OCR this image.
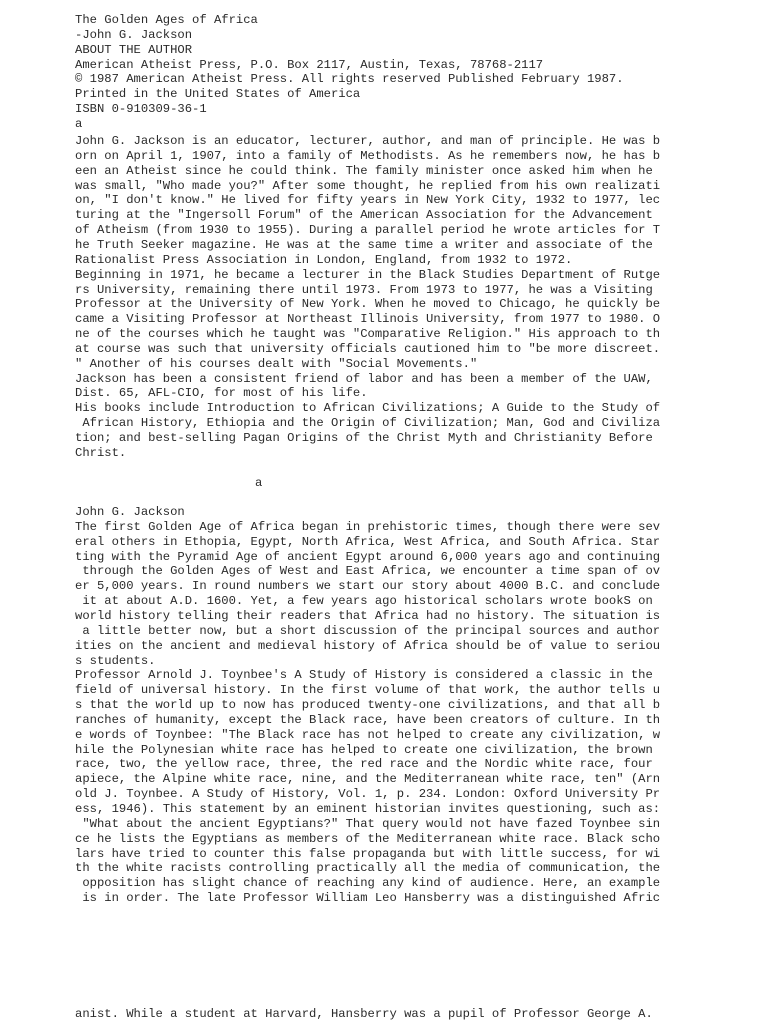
The Golden Ages of Africa
-John G. Jackson
ABOUT THE AUTHOR
American Atheist Press, P.O. Box 2117, Austin, Texas, 78768-2117
© 1987 American Atheist Press. All rights reserved Published February 1987.
Printed in the United States of America
ISBN 0-910309-36-1
a
John G. Jackson is an educator, lecturer, author, and man of principle. He was b
orn on April 1, 1907, into a family of Methodists. As he remembers now, he has b
een an Atheist since he could think. The family minister once asked him when he
was small, "Who made you?" After some thought, he replied from his own realizati
on, "I don't know." He lived for fifty years in New York City, 1932 to 1977, lec
turing at the "Ingersoll Forum" of the American Association for the Advancement
of Atheism (from 1930 to 1955). During a parallel period he wrote articles for T
he Truth Seeker magazine. He was at the same time a writer and associate of the
Rationalist Press Association in London, England, from 1932 to 1972.
Beginning in 1971, he became a lecturer in the Black Studies Department of Rutge
rs University, remaining there until 1973. From 1973 to 1977, he was a Visiting
Professor at the University of New York. When he moved to Chicago, he quickly be
came a Visiting Professor at Northeast Illinois University, from 1977 to 1980. O
ne of the courses which he taught was "Comparative Religion." His approach to th
at course was such that university officials cautioned him to "be more discreet.
" Another of his courses dealt with "Social Movements."
Jackson has been a consistent friend of labor and has been a member of the UAW,
Dist. 65, AFL-CIO, for most of his life.
His books include Introduction to African Civilizations; A Guide to the Study of
African History, Ethiopia and the Origin of Civilization; Man, God and Civiliza
tion; and best-selling Pagan Origins of the Christ Myth and Christianity Before
Christ.
a
John G. Jackson
The first Golden Age of Africa began in prehistoric times, though there were sev
eral others in Ethopia, Egypt, North Africa, West Africa, and South Africa. Star
ting with the Pyramid Age of ancient Egypt around 6,000 years ago and continuing
through the Golden Ages of West and East Africa, we encounter a time span of ov
er 5,000 years. In round numbers we start our story about 4000 B.C. and conclude
it at about A.D. 1600. Yet, a few years ago historical scholars wrote bookS on
world history telling their readers that Africa had no history. The situation is
a little better now, but a short discussion of the principal sources and author
ities on the ancient and medieval history of Africa should be of value to seriou
s students.
Professor Arnold J. Toynbee's A Study of History is considered a classic in the
field of universal history. In the first volume of that work, the author tells u
s that the world up to now has produced twenty-one civilizations, and that all b
ranches of humanity, except the Black race, have been creators of culture. In th
e words of Toynbee: "The Black race has not helped to create any civilization, w
hile the Polynesian white race has helped to create one civilization, the brown
race, two, the yellow race, three, the red race and the Nordic white race, four
apiece, the Alpine white race, nine, and the Mediterranean white race, ten" (Arn
old J. Toynbee. A Study of History, Vol. 1, p. 234. London: Oxford University Pr
ess, 1946). This statement by an eminent historian invites questioning, such as:
"What about the ancient Egyptians?" That query would not have fazed Toynbee sin
ce he lists the Egyptians as members of the Mediterranean white race. Black scho
lars have tried to counter this false propaganda but with little success, for wi
th the white racists controlling practically all the media of communication, the
opposition has slight chance of reaching any kind of audience. Here, an example
is in order. The late Professor William Leo Hansberry was a distinguished Afric
anist. While a student at Harvard, Hansberry was a pupil of Professor George A.
